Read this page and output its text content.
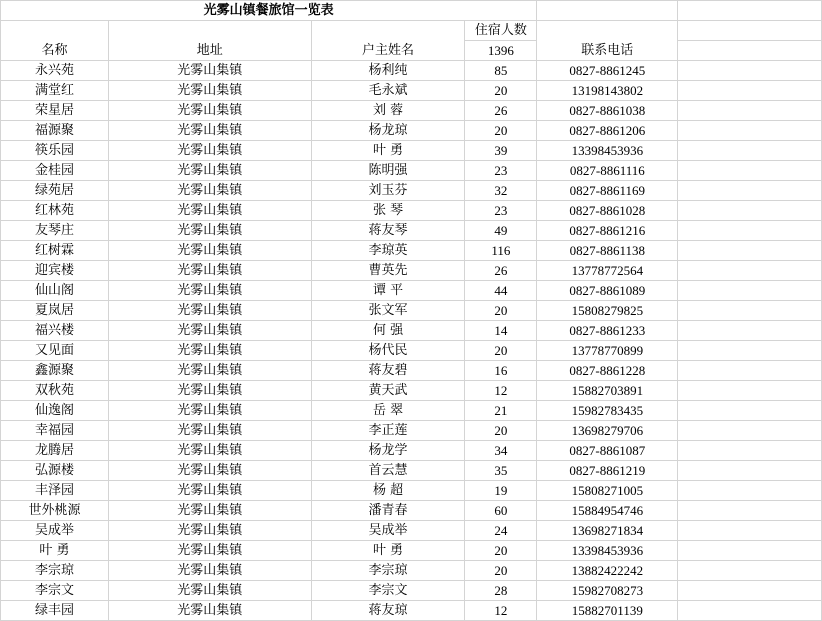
光雾山镇餐旅馆一览表					
名称	地址	户主姓名	住宿人数	联系电话	
			1396		
永兴苑	光雾山集镇	杨利纯	85	0827-8861245	
满堂红	光雾山集镇	毛永斌	20	13198143802	
荣星居	光雾山集镇	刘 蓉	26	0827-8861038	
福源聚	光雾山集镇	杨龙琼	20	0827-8861206	
筷乐园	光雾山集镇	叶 勇	39	13398453936	
金桂园	光雾山集镇	陈明强	23	0827-8861116	
绿苑居	光雾山集镇	刘玉芬	32	0827-8861169	
红林苑	光雾山集镇	张 琴	23	0827-8861028	
友琴庄	光雾山集镇	蒋友琴	49	0827-8861216	
红树霖	光雾山集镇	李琼英	116	0827-8861138	
迎宾楼	光雾山集镇	曹英先	26	13778772564	
仙山阁	光雾山集镇	谭 平	44	0827-8861089	
夏岚居	光雾山集镇	张文军	20	15808279825	
福兴楼	光雾山集镇	何 强	14	0827-8861233	
又见面	光雾山集镇	杨代民	20	13778770899	
鑫源聚	光雾山集镇	蒋友碧	16	0827-8861228	
双秋苑	光雾山集镇	黄天武	12	15882703891	
仙逸阁	光雾山集镇	岳 翠	21	15982783435	
幸福园	光雾山集镇	李正莲	20	13698279706	
龙腾居	光雾山集镇	杨龙学	34	0827-8861087	
弘源楼	光雾山集镇	首云慧	35	0827-8861219	
丰泽园	光雾山集镇	杨 超	19	15808271005	
世外桃源	光雾山集镇	潘青春	60	15884954746	
吴成举	光雾山集镇	吴成举	24	13698271834	
叶 勇	光雾山集镇	叶 勇	20	13398453936	
李宗琼	光雾山集镇	李宗琼	20	13882422242	
李宗文	光雾山集镇	李宗文	28	15982708273	
绿丰园	光雾山集镇	蒋友琼	12	15882701139	
